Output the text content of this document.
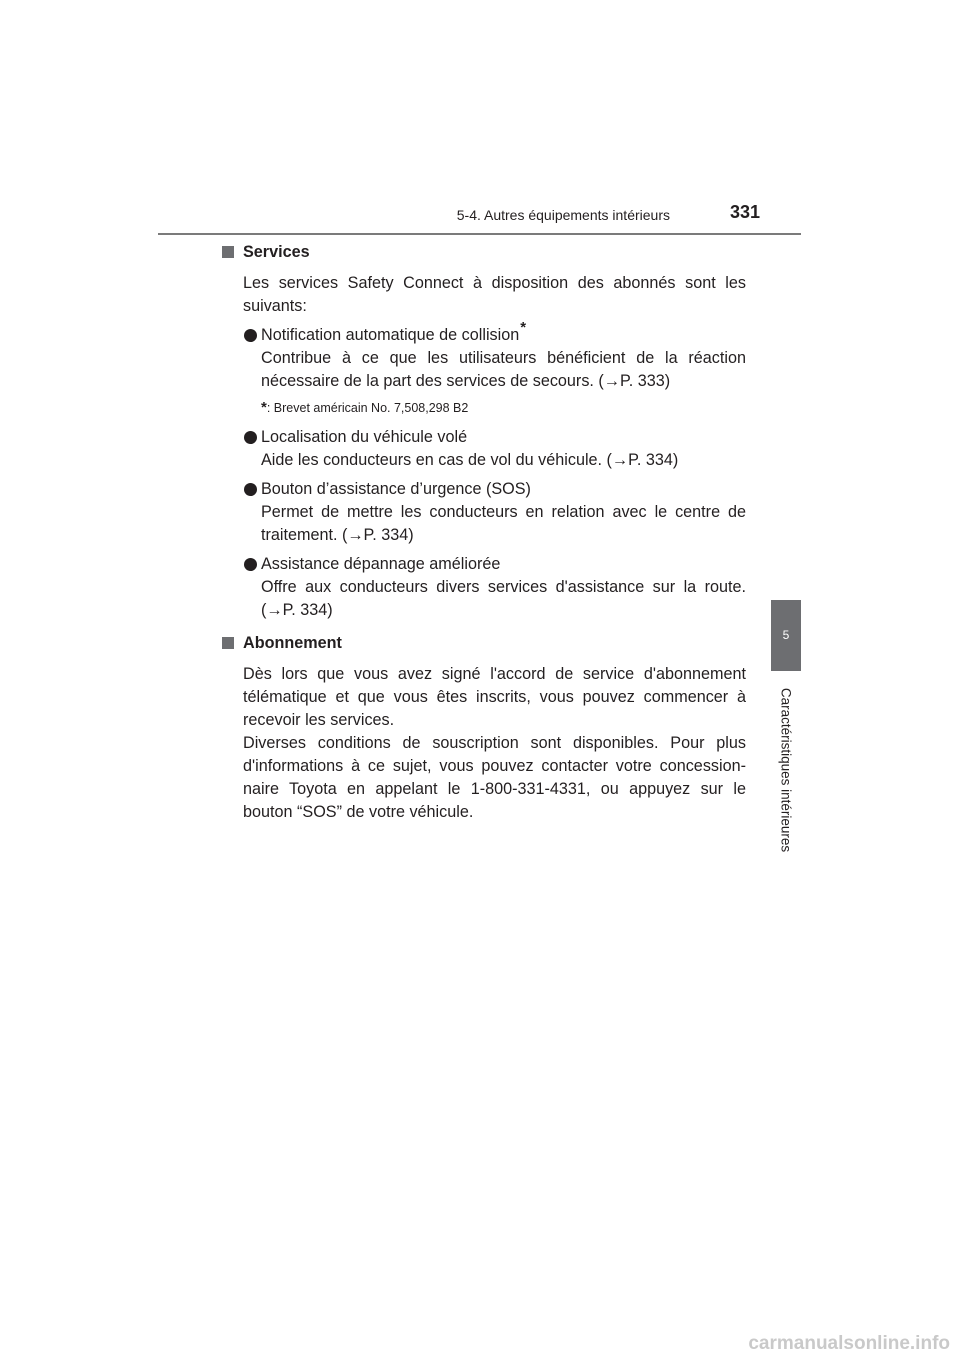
5-4. Autres équipements intérieurs	331
5
Caractéristiques intérieures
Services
Les services Safety Connect à disposition des abonnés sont les suivants:
Notification automatique de collision*
Contribue à ce que les utilisateurs bénéficient de la réaction nécessaire de la part des services de secours. (→P. 333)
*: Brevet américain No. 7,508,298 B2
Localisation du véhicule volé
Aide les conducteurs en cas de vol du véhicule. (→P. 334)
Bouton d’assistance d’urgence (SOS)
Permet de mettre les conducteurs en relation avec le centre de traitement. (→P. 334)
Assistance dépannage améliorée
Offre aux conducteurs divers services d'assistance sur la route. (→P. 334)
Abonnement
Dès lors que vous avez signé l'accord de service d'abonnement télématique et que vous êtes inscrits, vous pouvez commencer à recevoir les services.
Diverses conditions de souscription sont disponibles. Pour plus d'informations à ce sujet, vous pouvez contacter votre concession- naire Toyota en appelant le 1-800-331-4331, ou appuyez sur le bouton “SOS” de votre véhicule.
carmanualsonline.info
